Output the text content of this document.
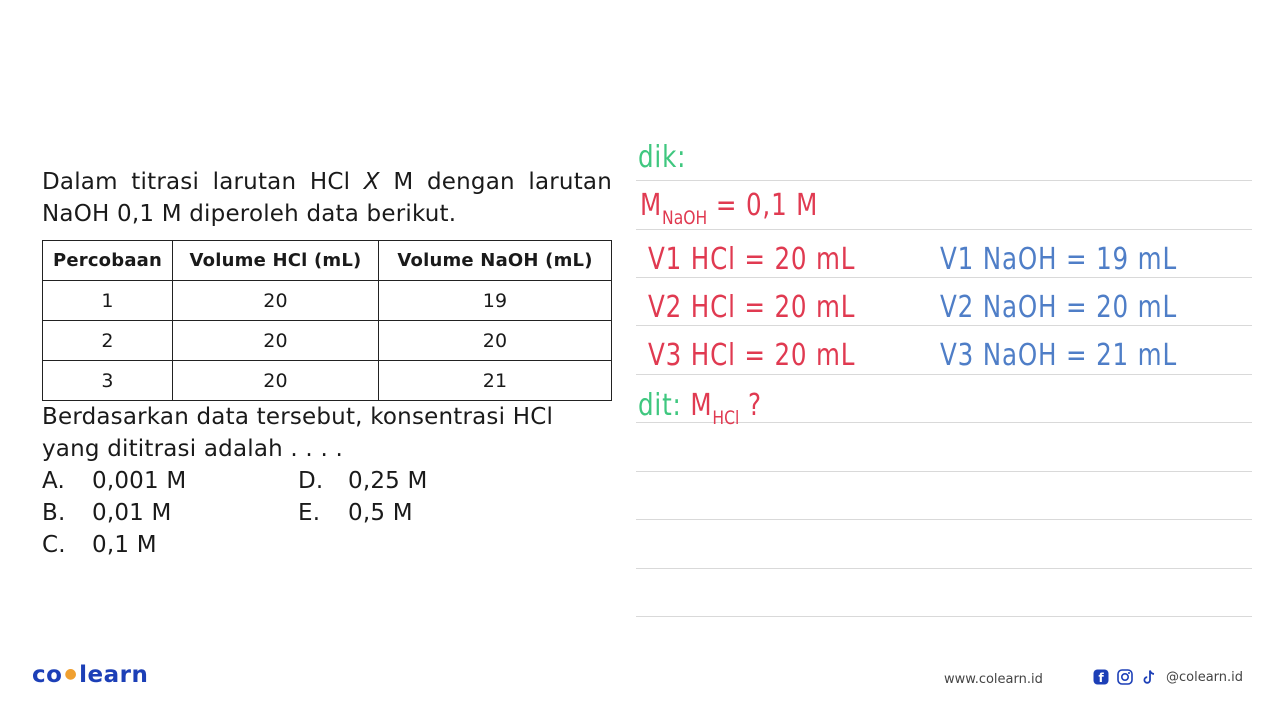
Dalam titrasi larutan HCl X M dengan larutan NaOH 0,1 M diperoleh data berikut.

Percobaan	Volume HCl (mL)	Volume NaOH (mL)
1	20	19
2	20	20
3	20	21

Berdasarkan data tersebut, konsentrasi HCl yang dititrasi adalah . . . .

A. 0,001 M
B. 0,01 M
C. 0,1 M
D. 0,25 M
E. 0,5 M
dik:
$M_{NaOH} = 0,1$ M
V1 HCl = 20 mL	V1 NaOH = 19 mL
V2 HCl = 20 mL	V2 NaOH = 20 mL
V3 HCl = 20 mL	V3 NaOH = 21 mL
dit: $M_{HCl}$ ?
co ●learn	www.colearn.id	f	@colearn.id
